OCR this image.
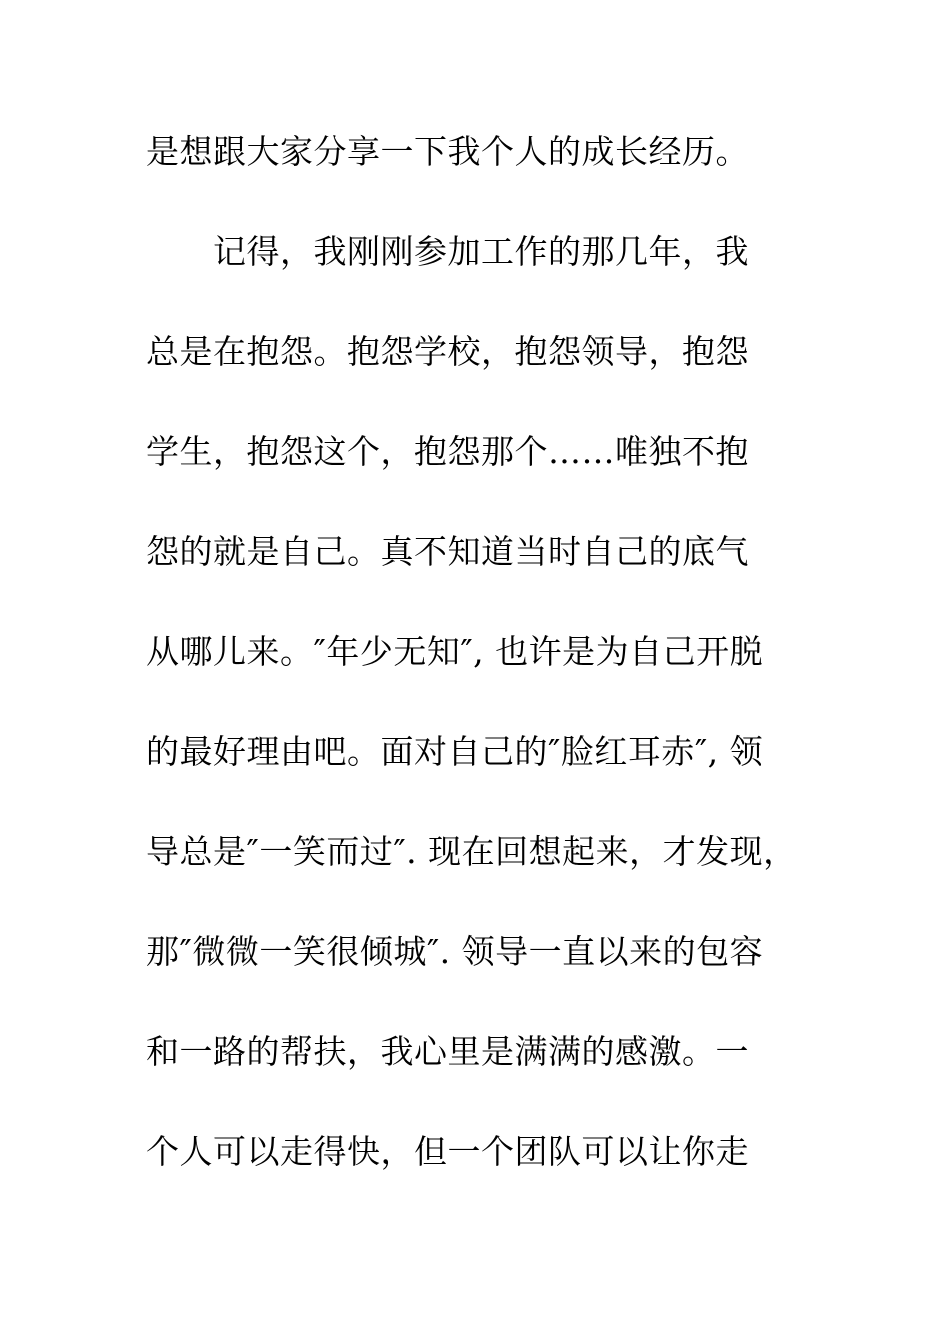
是想跟大家分享一下我个人的成长经历。
　　记得，我刚刚参加工作的那几年，我
总是在抱怨。抱怨学校，抱怨领导，抱怨
学生，抱怨这个，抱怨那个……唯独不抱
怨的就是自己。真不知道当时自己的底气
从哪儿来。″年少无知″, 也许是为自己开脱
的最好理由吧。面对自己的″脸红耳赤″, 领
导总是″一笑而过″. 现在回想起来，才发现，
那″微微一笑很倾城″. 领导一直以来的包容
和一路的帮扶，我心里是满满的感激。一
个人可以走得快，但一个团队可以让你走
